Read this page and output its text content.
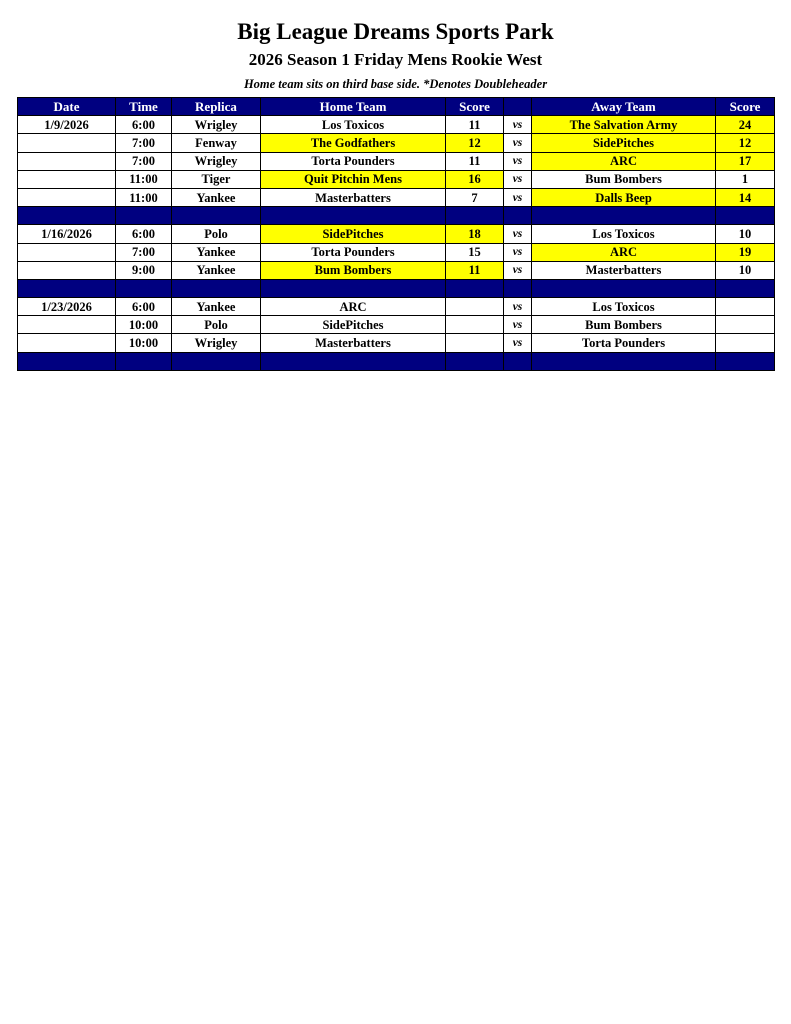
Big League Dreams Sports Park
2026 Season 1 Friday Mens Rookie West
Home team sits on third base side. *Denotes Doubleheader
Date	Time	Replica	Home Team	Score		Away Team	Score
1/9/2026	6:00	Wrigley	Los Toxicos	11	vs	The Salvation Army	24
	7:00	Fenway	The Godfathers	12	vs	SidePitches	12
	7:00	Wrigley	Torta Pounders	11	vs	ARC	17
	11:00	Tiger	Quit Pitchin Mens	16	vs	Bum Bombers	1
	11:00	Yankee	Masterbatters	7	vs	Dalls Beep	14

1/16/2026	6:00	Polo	SidePitches	18	vs	Los Toxicos	10
	7:00	Yankee	Torta Pounders	15	vs	ARC	19
	9:00	Yankee	Bum Bombers	11	vs	Masterbatters	10

1/23/2026	6:00	Yankee	ARC		vs	Los Toxicos	
	10:00	Polo	SidePitches		vs	Bum Bombers	
	10:00	Wrigley	Masterbatters		vs	Torta Pounders	
